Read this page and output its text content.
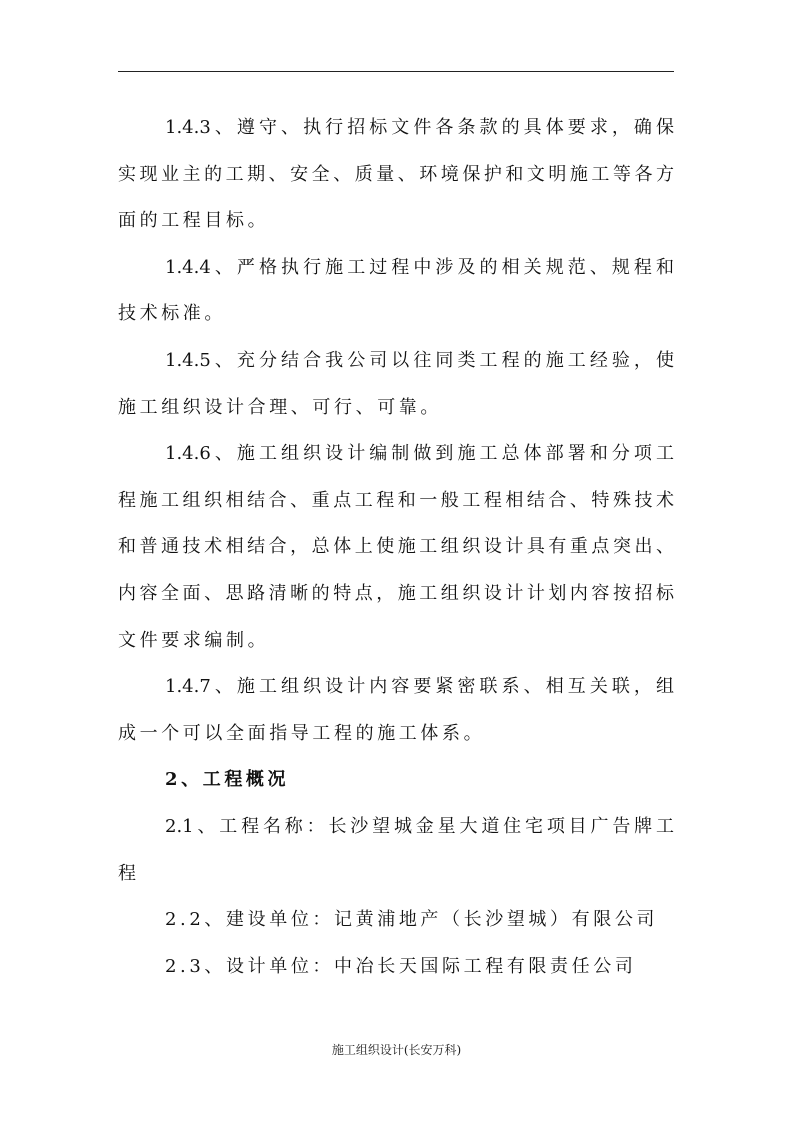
1.4.3、遵守、执行招标文件各条款的具体要求，确保
实现业主的工期、安全、质量、环境保护和文明施工等各方
面的工程目标。
1.4.4、严格执行施工过程中涉及的相关规范、规程和
技术标准。
1.4.5、充分结合我公司以往同类工程的施工经验，使
施工组织设计合理、可行、可靠。
1.4.6、施工组织设计编制做到施工总体部署和分项工
程施工组织相结合、重点工程和一般工程相结合、特殊技术
和普通技术相结合，总体上使施工组织设计具有重点突出、
内容全面、思路清晰的特点，施工组织设计计划内容按招标
文件要求编制。
1.4.7、施工组织设计内容要紧密联系、相互关联，组
成一个可以全面指导工程的施工体系。
2、工程概况
2.1、工程名称：长沙望城金星大道住宅项目广告牌工
程
2.2、建设单位：记黄浦地产（长沙望城）有限公司
2.3、设计单位：中冶长天国际工程有限责任公司
施工组织设计(长安万科)
